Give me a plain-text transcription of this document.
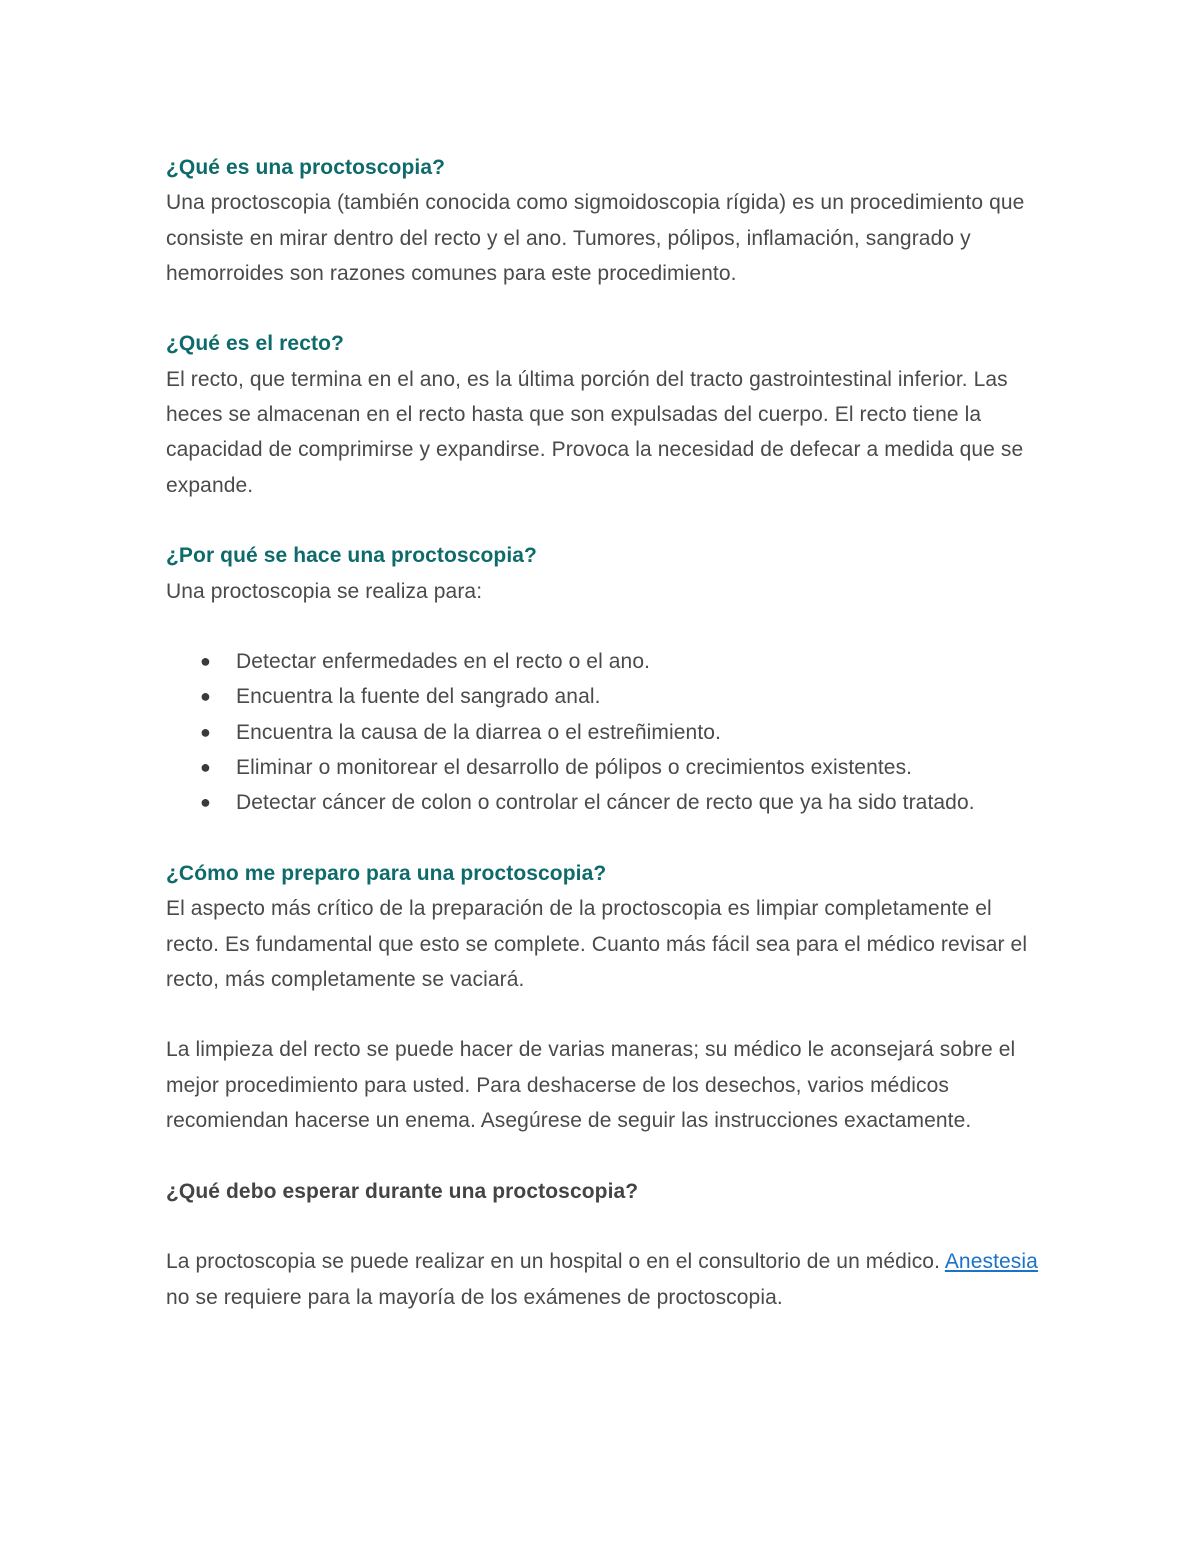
¿Qué es una proctoscopia?

Una proctoscopia (también conocida como sigmoidoscopia rígida) es un procedimiento que consiste en mirar dentro del recto y el ano. Tumores, pólipos, inflamación, sangrado y hemorroides son razones comunes para este procedimiento.

¿Qué es el recto?

El recto, que termina en el ano, es la última porción del tracto gastrointestinal inferior. Las heces se almacenan en el recto hasta que son expulsadas del cuerpo. El recto tiene la capacidad de comprimirse y expandirse. Provoca la necesidad de defecar a medida que se expande.

¿Por qué se hace una proctoscopia?

Una proctoscopia se realiza para:

● Detectar enfermedades en el recto o el ano.
● Encuentra la fuente del sangrado anal.
● Encuentra la causa de la diarrea o el estreñimiento.
● Eliminar o monitorear el desarrollo de pólipos o crecimientos existentes.
● Detectar cáncer de colon o controlar el cáncer de recto que ya ha sido tratado.
¿Cómo me preparo para una proctoscopia?

El aspecto más crítico de la preparación de la proctoscopia es limpiar completamente el recto. Es fundamental que esto se complete. Cuanto más fácil sea para el médico revisar el recto, más completamente se vaciará.

La limpieza del recto se puede hacer de varias maneras; su médico le aconsejará sobre el mejor procedimiento para usted. Para deshacerse de los desechos, varios médicos recomiendan hacerse un enema. Asegúrese de seguir las instrucciones exactamente.

¿Qué debo esperar durante una proctoscopia?

La proctoscopia se puede realizar en un hospital o en el consultorio de un médico. Anestesia no se requiere para la mayoría de los exámenes de proctoscopia.
